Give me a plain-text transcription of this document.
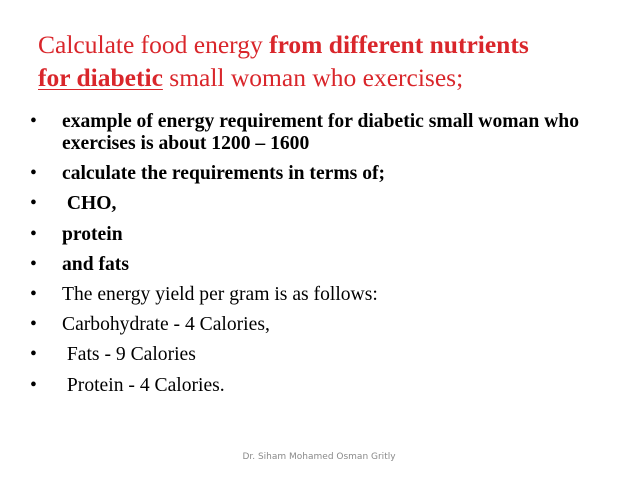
Calculate food energy from different nutrients
for diabetic small woman who exercises;
• example of energy requirement for diabetic small woman who exercises is about 1200 – 1600
• calculate the requirements in terms of;
• CHO,
• protein
• and fats
• The energy yield per gram is as follows:
• Carbohydrate - 4 Calories,
• Fats - 9 Calories
• Protein - 4 Calories.
Dr. Siham Mohamed Osman Gritly
